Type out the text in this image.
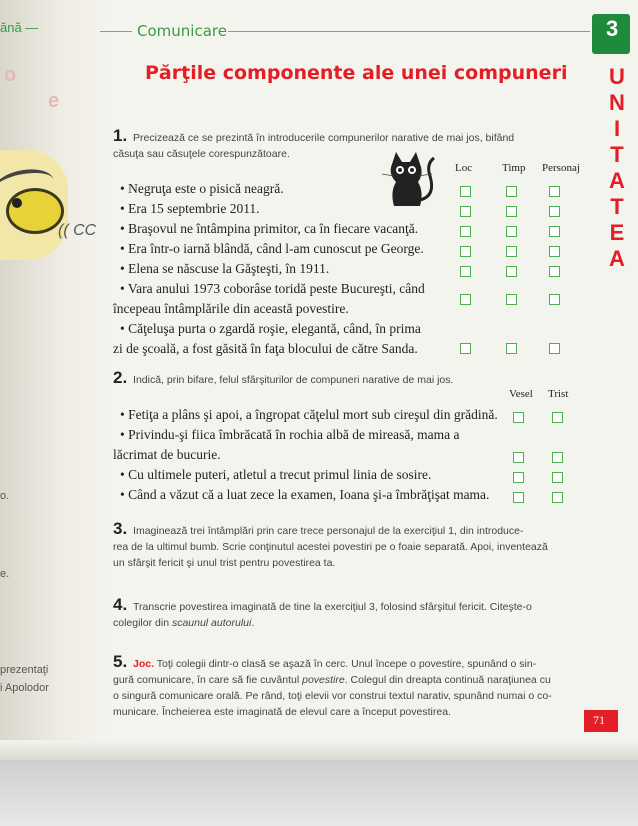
ănă —
o
e
o.
e.
prezentaţi
i Apolodor
(( CC
Comunicare	3
U
N
I
T
A
T
E
A
Părţile componente ale unei compuneri
1. Precizează ce se prezintă în introducerile compunerilor narative de mai jos, bifând
căsuţa sau căsuţele corespunzătoare.
Loc	Timp Personaj
• Negruţa este o pisică neagră.
• Era 15 septembrie 2011.
• Braşovul ne întâmpina primitor, ca în fiecare vacanţă.
• Era într-o iarnă blândă, când l-am cunoscut pe George.
• Elena se născuse la Găşteşti, în 1911.
• Vara anului 1973 coborâse toridă peste Bucureşti, când
începeau întâmplările din această povestire.
• Căţeluşa purta o zgardă roşie, elegantă, când, în prima
zi de şcoală, a fost găsită în faţa blocului de către Sanda.
2. Indică, prin bifare, felul sfârşiturilor de compuneri narative de mai jos.
Vesel Trist
• Fetiţa a plâns şi apoi, a îngropat căţelul mort sub cireşul din grădină.
• Privindu-şi fiica îmbrăcată în rochia albă de mireasă, mama a
lăcrimat de bucurie.
• Cu ultimele puteri, atletul a trecut primul linia de sosire.
• Când a văzut că a luat zece la examen, Ioana şi-a îmbrăţişat mama.
3. Imaginează trei întâmplări prin care trece personajul de la exerciţiul 1, din introduce-
rea de la ultimul bumb. Scrie conţinutul acestei povestiri pe o foaie separată. Apoi, inventează
un sfârşit fericit şi unul trist pentru povestirea ta.
4. Transcrie povestirea imaginată de tine la exerciţiul 3, folosind sfârşitul fericit. Citeşte-o
colegilor din scaunul autorului.
5. Joc. Toţi colegii dintr-o clasă se aşază în cerc. Unul începe o povestire, spunând o sin-
gură comunicare, în care să fie cuvântul povestire. Colegul din dreapta continuă naraţiunea cu
o singură comunicare orală. Pe rând, toţi elevii vor construi textul narativ, spunând numai o co-
municare. Încheierea este imaginată de elevul care a început povestirea.
71
